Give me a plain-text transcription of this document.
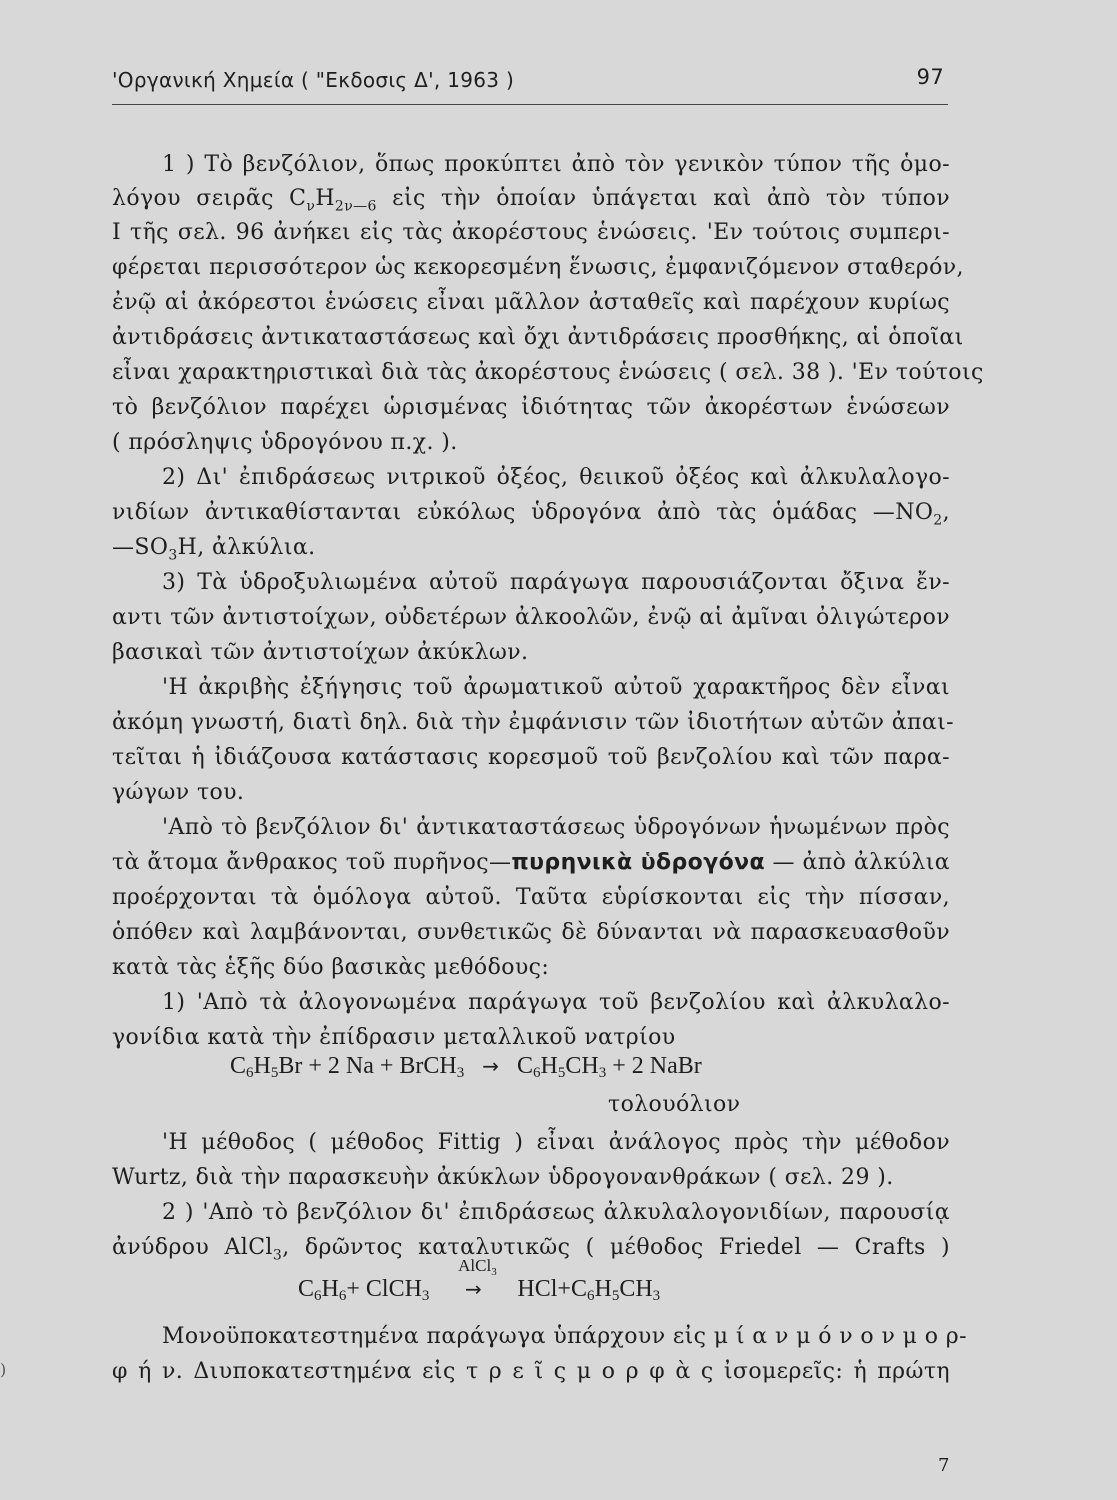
'Οργανική Χημεία ( "Εκδοσις Δ', 1963 )	97
1 ) Τὸ βενζόλιον, ὅπως προκύπτει ἀπὸ τὸν γενικὸν τύπον τῆς ὁμο-
λόγου σειρᾶς $C_\nu H_{2\nu—6}$ εἰς τὴν ὁποίαν ὑπάγεται καὶ ἀπὸ τὸν τύπον
I τῆς σελ. 96 ἀνήκει εἰς τὰς ἀκορέστους ἑνώσεις. 'Εν τούτοις συμπερι-
φέρεται περισσότερον ὡς κεκορεσμένη ἕνωσις, ἐμφανιζόμενον σταθερόν,
ἐνῷ αἱ ἀκόρεστοι ἑνώσεις εἶναι μᾶλλον ἀσταθεῖς καὶ παρέχουν κυρίως
ἀντιδράσεις ἀντικαταστάσεως καὶ ὄχι ἀντιδράσεις προσθήκης, αἱ ὁποῖαι
εἶναι χαρακτηριστικαὶ διὰ τὰς ἀκορέστους ἑνώσεις ( σελ. 38 ). 'Εν τούτοις
τὸ βενζόλιον παρέχει ὡρισμένας ἰδιότητας τῶν ἀκορέστων ἑνώσεων
( πρόσληψις ὑδρογόνου π.χ. ).
2) Δι' ἐπιδράσεως νιτρικοῦ ὀξέος, θειικοῦ ὀξέος καὶ ἀλκυλαλογο-
νιδίων ἀντικαθίστανται εὐκόλως ὑδρογόνα ἀπὸ τὰς ὁμάδας $—NO_2$,
$—SO_3H$, ἀλκύλια.
3) Τὰ ὑδροξυλιωμένα αὐτοῦ παράγωγα παρουσιάζονται ὄξινα ἔν-
αντι τῶν ἀντιστοίχων, οὐδετέρων ἀλκοολῶν, ἐνῷ αἱ ἀμῖναι ὀλιγώτερον
βασικαὶ τῶν ἀντιστοίχων ἀκύκλων.
'Η ἀκριβὴς ἐξήγησις τοῦ ἀρωματικοῦ αὐτοῦ χαρακτῆρος δὲν εἶναι
ἀκόμη γνωστή, διατὶ δηλ. διὰ τὴν ἐμφάνισιν τῶν ἰδιοτήτων αὐτῶν ἀπαι-
τεῖται ἡ ἰδιάζουσα κατάστασις κορεσμοῦ τοῦ βενζολίου καὶ τῶν παρα-
γώγων του.
'Απὸ τὸ βενζόλιον δι' ἀντικαταστάσεως ὑδρογόνων ἡνωμένων πρὸς
τὰ ἄτομα ἄνθρακος τοῦ πυρῆνος—πυρηνικὰ ὑδρογόνα — ἀπὸ ἀλκύλια
προέρχονται τὰ ὁμόλογα αὐτοῦ. Ταῦτα εὑρίσκονται εἰς τὴν πίσσαν,
ὁπόθεν καὶ λαμβάνονται, συνθετικῶς δὲ δύνανται νὰ παρασκευασθοῦν
κατὰ τὰς ἑξῆς δύο βασικὰς μεθόδους:
1) 'Απὸ τὰ ἀλογονωμένα παράγωγα τοῦ βενζολίου καὶ ἀλκυλαλο-
γονίδια κατὰ τὴν ἐπίδρασιν μεταλλικοῦ νατρίου
$C_6H_5Br + 2$ Na + BrCH$_3$ → $C_6H_5CH_3 + 2$ NaBr
τολουόλιον
'Η μέθοδος ( μέθοδος Fittig ) εἶναι ἀνάλογος πρὸς τὴν μέθοδον
Wurtz, διὰ τὴν παρασκευὴν ἀκύκλων ὑδρογονανθράκων ( σελ. 29 ).
2 ) 'Απὸ τὸ βενζόλιον δι' ἐπιδράσεως ἀλκυλαλογονιδίων, παρουσίᾳ
ἀνύδρου AlCl$_3$, δρῶντος καταλυτικῶς ( μέθοδος Friedel — Crafts )
$C_6H_6+$ ClCH$_3$
AlCl$_3$
→ $HCl+C_6H_5CH_3$
Μονοϋποκατεστημένα παράγωγα ὑπάρχουν εἰς μ ί α ν μ ό ν ο ν μ ο ρ-
φ ή ν. Διυποκατεστημένα εἰς τ ρ ε ῖ ς μ ο ρ φ ὰ ς ἰσομερεῖς: ἡ πρώτη
7
)
